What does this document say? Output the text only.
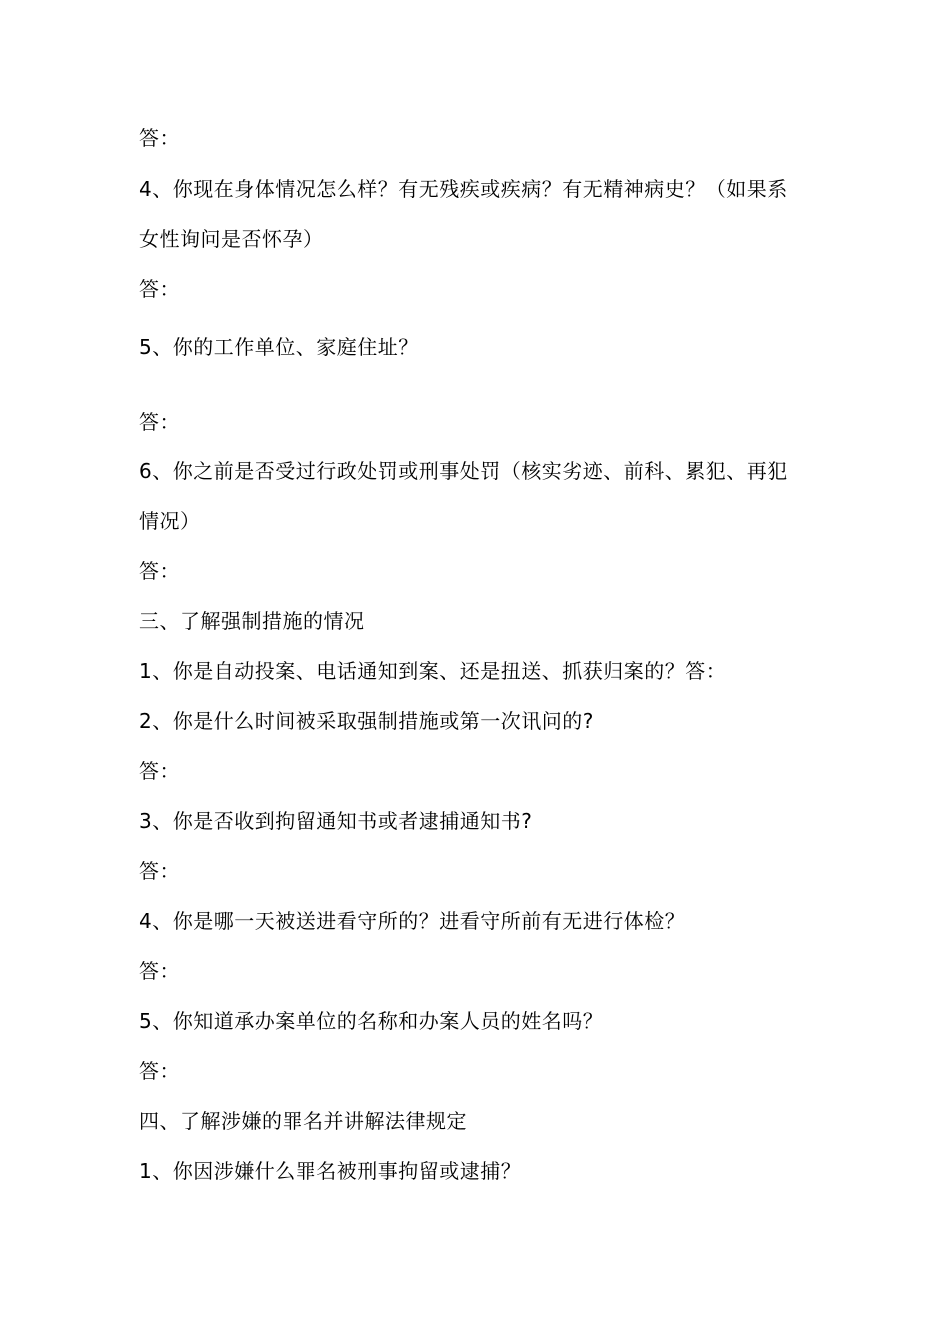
答：
4、你现在身体情况怎么样？有无残疾或疾病？有无精神病史？（如果系
女性询问是否怀孕）
答：
5、你的工作单位、家庭住址？
答：
6、你之前是否受过行政处罚或刑事处罚（核实劣迹、前科、累犯、再犯
情况）
答：
三、了解强制措施的情况
1、你是自动投案、电话通知到案、还是扭送、抓获归案的？答：
2、你是什么时间被采取强制措施或第一次讯问的?
答：
3、你是否收到拘留通知书或者逮捕通知书?
答：
4、你是哪一天被送进看守所的？进看守所前有无进行体检？
答：
5、你知道承办案单位的名称和办案人员的姓名吗？
答：
四、了解涉嫌的罪名并讲解法律规定
1、你因涉嫌什么罪名被刑事拘留或逮捕？
